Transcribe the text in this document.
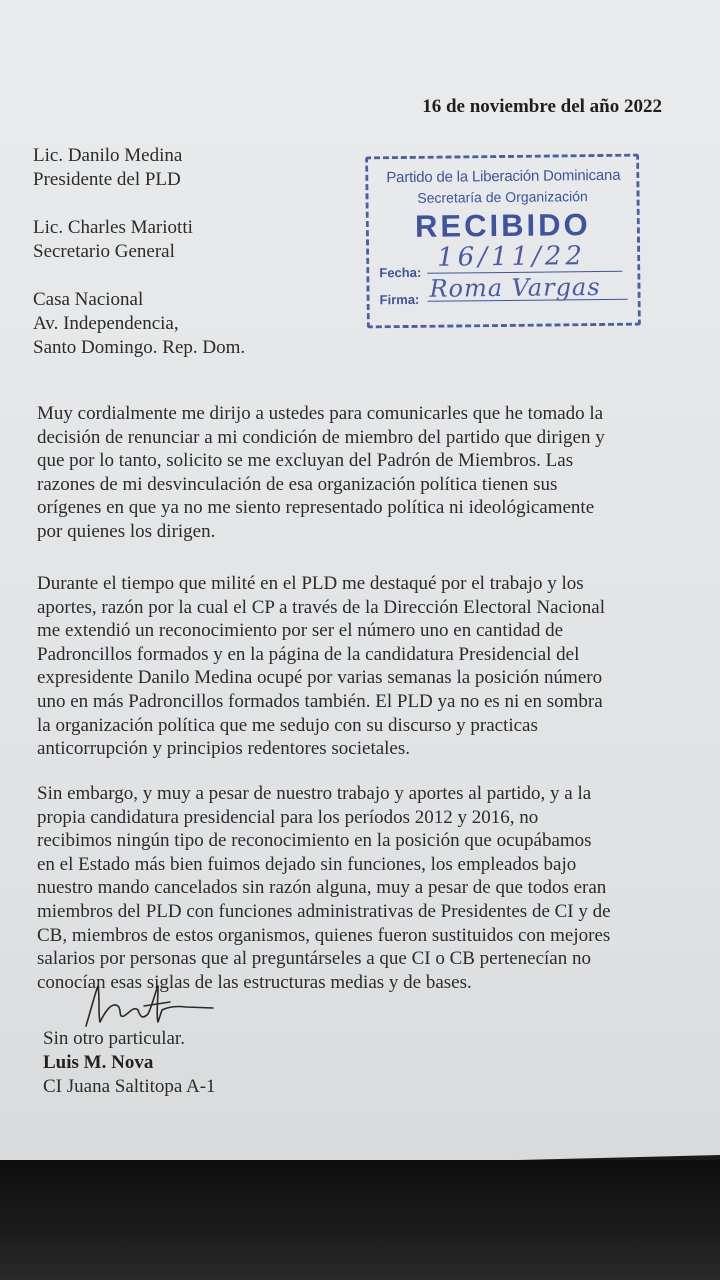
16 de noviembre del año 2022
Lic. Danilo Medina
Presidente del PLD
Lic. Charles Mariotti
Secretario General
Casa Nacional
Av. Independencia,
Santo Domingo. Rep. Dom.
Partido de la Liberación Dominicana
Secretaría de Organización
RECIBIDO
Fecha: 16/11/22
Firma: Roma Vargas
Muy cordialmente me dirijo a ustedes para comunicarles que he tomado la
decisión de renunciar a mi condición de miembro del partido que dirigen y
que por lo tanto, solicito se me excluyan del Padrón de Miembros. Las
razones de mi desvinculación de esa organización política tienen sus
orígenes en que ya no me siento representado política ni ideológicamente
por quienes los dirigen.
Durante el tiempo que milité en el PLD me destaqué por el trabajo y los
aportes, razón por la cual el CP a través de la Dirección Electoral Nacional
me extendió un reconocimiento por ser el número uno en cantidad de
Padroncillos formados y en la página de la candidatura Presidencial del
expresidente Danilo Medina ocupé por varias semanas la posición número
uno en más Padroncillos formados también. El PLD ya no es ni en sombra
la organización política que me sedujo con su discurso y practicas
anticorrupción y principios redentores societales.
Sin embargo, y muy a pesar de nuestro trabajo y aportes al partido, y a la
propia candidatura presidencial para los períodos 2012 y 2016, no
recibimos ningún tipo de reconocimiento en la posición que ocupábamos
en el Estado más bien fuimos dejado sin funciones, los empleados bajo
nuestro mando cancelados sin razón alguna, muy a pesar de que todos eran
miembros del PLD con funciones administrativas de Presidentes de CI y de
CB, miembros de estos organismos, quienes fueron sustituidos con mejores
salarios por personas que al preguntárseles a que CI o CB pertenecían no
conocían esas siglas de las estructuras medias y de bases.
Sin otro particular.
Luis M. Nova
CI Juana Saltitopa A-1
